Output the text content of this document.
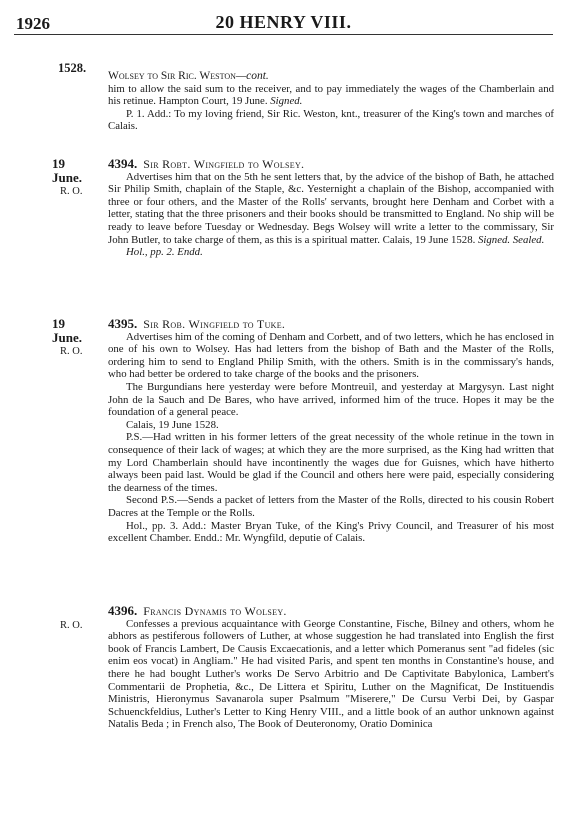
1926	20 HENRY VIII.
1528.
Wolsey to Sir Ric. Weston—cont.

him to allow the said sum to the receiver, and to pay immediately the wages of the Chamberlain and his retinue. Hampton Court, 19 June. Signed.

P. 1. Add.: To my loving friend, Sir Ric. Weston, knt., treasurer of the King's town and marches of Calais.

19 June.
R. O.
4394. Sir Robt. Wingfield to Wolsey.

Advertises him that on the 5th he sent letters that, by the advice of the bishop of Bath, he attached Sir Philip Smith, chaplain of the Staple, &c. Yesternight a chaplain of the Bishop, accompanied with three or four others, and the Master of the Rolls' servants, brought here Denham and Corbet with a letter, stating that the three prisoners and their books should be transmitted to England. No ship will be ready to leave before Tuesday or Wednesday. Begs Wolsey will write a letter to the commissary, Sir John Butler, to take charge of them, as this is a spiritual matter. Calais, 19 June 1528. Signed. Sealed.

Hol., pp. 2. Endd.

19 June.
R. O.
4395. Sir Rob. Wingfield to Tuke.

Advertises him of the coming of Denham and Corbett, and of two letters, which he has enclosed in one of his own to Wolsey. Has had letters from the bishop of Bath and the Master of the Rolls, ordering him to send to England Philip Smith, with the others. Smith is in the commissary's hands, who had better be ordered to take charge of the books and the prisoners.

The Burgundians here yesterday were before Montreuil, and yesterday at Margysyn. Last night John de la Sauch and De Bares, who have arrived, informed him of the truce. Hopes it may be the foundation of a general peace.

Calais, 19 June 1528.

P.S.—Had written in his former letters of the great necessity of the whole retinue in the town in consequence of their lack of wages; at which they are the more surprised, as the King had written that my Lord Chamberlain should have incontinently the wages due for Guisnes, which have hitherto always been paid last. Would be glad if the Council and others here were paid, especially considering the dearness of the times.

Second P.S.—Sends a packet of letters from the Master of the Rolls, directed to his cousin Robert Dacres at the Temple or the Rolls.

Hol., pp. 3. Add.: Master Bryan Tuke, of the King's Privy Council, and Treasurer of his most excellent Chamber. Endd.: Mr. Wyngfild, deputie of Calais.

R. O.
4396. Francis Dynamis to Wolsey.

Confesses a previous acquaintance with George Constantine, Fische, Bilney and others, whom he abhors as pestiferous followers of Luther, at whose suggestion he had translated into English the first book of Francis Lambert, De Causis Excaecationis, and a letter which Pomeranus sent "ad fideles (sic enim eos vocat) in Angliam." He had visited Paris, and spent ten months in Constantine's house, and there he had bought Luther's works De Servo Arbitrio and De Captivitate Babylonica, Lambert's Commentarii de Prophetia, &c., De Littera et Spiritu, Luther on the Magnificat, De Instituendis Ministris, Hieronymus Savanarola super Psalmum "Miserere," De Cursu Verbi Dei, by Gaspar Schuenckfeldius, Luther's Letter to King Henry VIII., and a little book of an author unknown against Natalis Beda ; in French also, The Book of Deuteronomy, Oratio Dominica
